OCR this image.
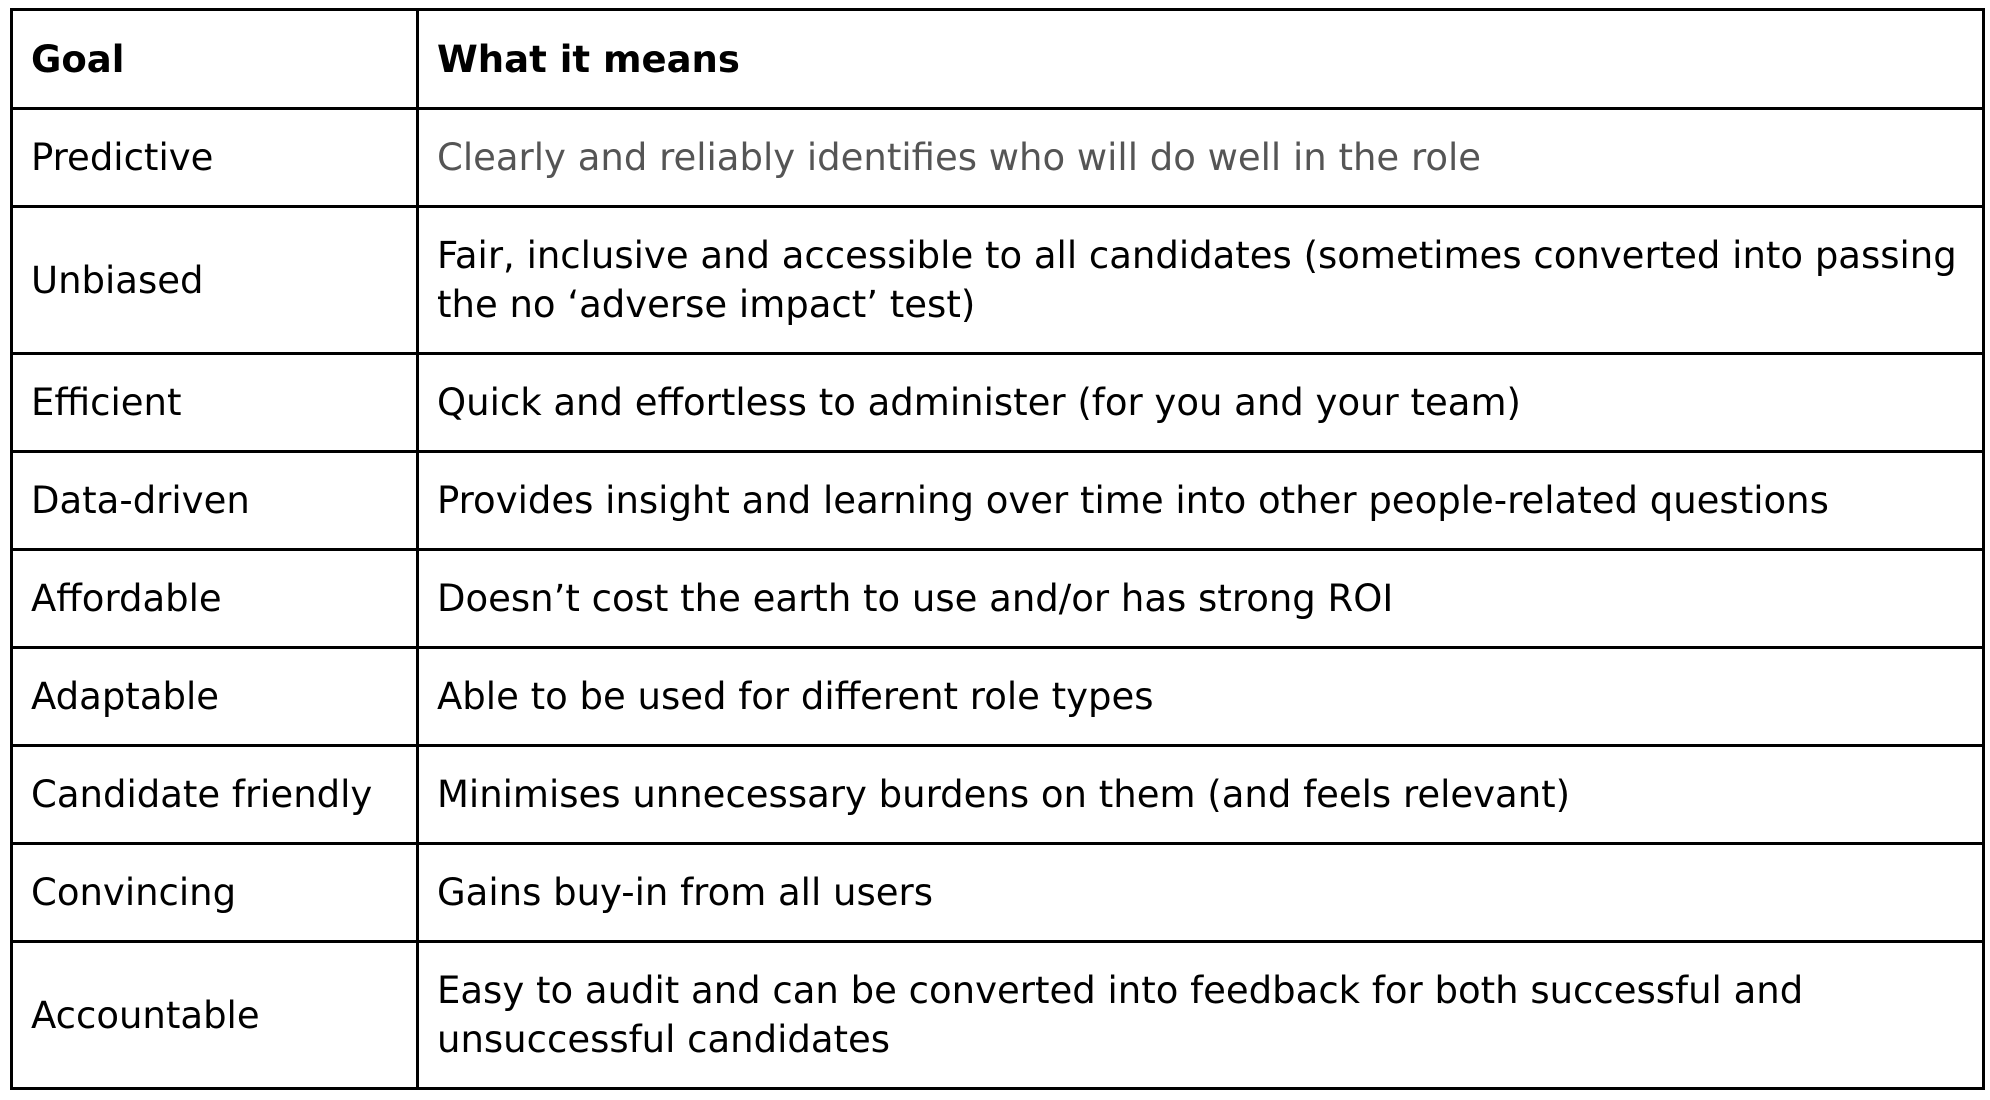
Goal	What it means
Predictive	Clearly and reliably identifies who will do well in the role
Unbiased	Fair, inclusive and accessible to all candidates (sometimes converted into passing the no ‘adverse impact’ test)
Efficient	Quick and effortless to administer (for you and your team)
Data-driven	Provides insight and learning over time into other people-related questions
Affordable	Doesn’t cost the earth to use and/or has strong ROI
Adaptable	Able to be used for different role types
Candidate friendly	Minimises unnecessary burdens on them (and feels relevant)
Convincing	Gains buy-in from all users
Accountable	Easy to audit and can be converted into feedback for both successful and unsuccessful candidates
